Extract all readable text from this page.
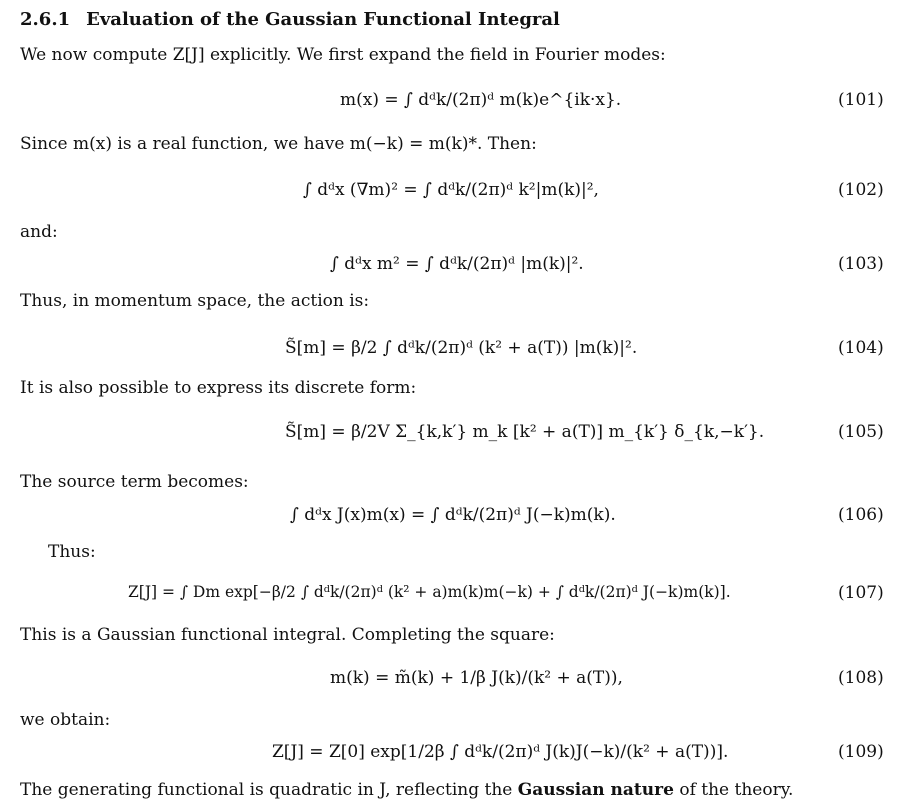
2.6.1 Evaluation of the Gaussian Functional Integral
We now compute Z[J] explicitly. We first expand the field in Fourier modes:
Since m(x) is a real function, we have m(−k) = m(k)*. Then:
and:
Thus, in momentum space, the action is:
It is also possible to express its discrete form:
The source term becomes:
Thus:
This is a Gaussian functional integral. Completing the square:
we obtain:
The generating functional is quadratic in J, reflecting the Gaussian nature of the theory.
m(x) = ∫ dᵈk/(2π)ᵈ m(k)e^{ik·x}.	(101)
∫ dᵈx (∇m)² = ∫ dᵈk/(2π)ᵈ k²|m(k)|²,	(102)
∫ dᵈx m² = ∫ dᵈk/(2π)ᵈ |m(k)|².	(103)
S̃[m] = β/2 ∫ dᵈk/(2π)ᵈ (k² + a(T)) |m(k)|².	(104)
S̃[m] = β/2V Σ_{k,k′} m_k [k² + a(T)] m_{k′} δ_{k,−k′}.	(105)
∫ dᵈx J(x)m(x) = ∫ dᵈk/(2π)ᵈ J(−k)m(k).	(106)
Z[J] = ∫ Dm exp[−β/2 ∫ dᵈk/(2π)ᵈ (k² + a)m(k)m(−k) + ∫ dᵈk/(2π)ᵈ J(−k)m(k)].	(107)
m(k) = m̃(k) + 1/β J(k)/(k² + a(T)),	(108)
Z[J] = Z[0] exp[1/2β ∫ dᵈk/(2π)ᵈ J(k)J(−k)/(k² + a(T))].	(109)
